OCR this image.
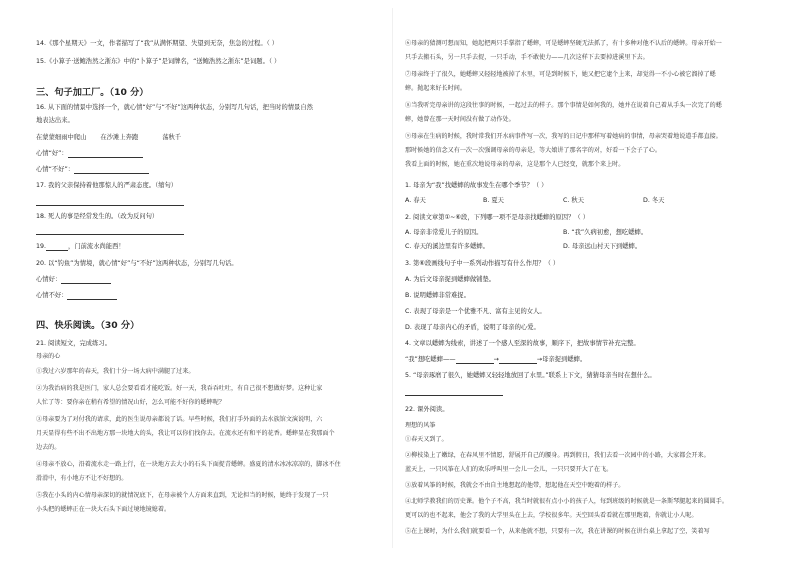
14.《那个星期天》一文，作者描写了“我”从满怀期望、失望到无奈，焦急的过程。（ ）
15.《小算子·送鲍浩然之浙东》中的“卜算子”是词牌名，“送鲍浩然之浙东”是词题。（ ）
三、句子加工厂。（10 分）
16. 从下面的情景中选择一个，就心情“好”与“不好”这两种状态，分别写几句话，把当时的情景自然
地表达出来。
在蒙蒙细雨中爬山 在沙滩上奔跑	荡秋千
心情“好”：
心情“不好”：
17. 我的父亲保持着他那惊人的严肃态度。（缩句）
18. 死人的事是经常发生的。（改为反问句）
19.	，门前流水尚能西！
20. 以“钓鱼”为情境，就心情“好”与“不好”这两种状态，分别写几句话。
心情好：
心情不好：
四、快乐阅读。（30 分）
21. 阅读短文，完成练习。
母亲的心
①我过六岁那年的春天，我们十分一场大病中满腿了过来。
②为我治病的我是医门，家人总会要看看才能吃饭。好一天，我吞吞吐吐，有自己很不想做好梦。这种让家
人忙了等：要你亲在稍有希望的情况山好，怎么可能不好你的蟋蟀呢？
③母亲要为了对付我的请求，此的医生说母亲都说了话。早些时候，我们打手外面的去水族馆文演说明，六
月天显得有些不出不出地方那一块地大的头，我让可以你们找你去。在流水还有和平的花香。蟋蟀显在我那面个
边去的。
④母亲不放心，沿着流水走一路上行，在一块地方去大小的石头下面捉青蟋蟀。盛夏的清水冰冰凉凉的，脚冰不住
滑滑中，有小地方不让不好想的。
⑤我在小头的内心情母亲深切的就情况底下，在母亲被个人方面来直到，无论担当的时候，她终于发现了一只
小头把的蟋蟀正在一块大石头下面过境地镜媳着。
⑥母亲的猜测可想而知，她起把两只手掌指了蟋蟀，可是蟋蟀坚硬无法抓了，有十多种对他不认后的蟋蟀。母亲开始一
只手去搬石头，另一只手去捉，一只手动，手不敢使力——几次这样下去要掉进溪里下去。
⑦母亲终于了很久，她蟋蟀又轻轻地被掉了水里，可是到时候下，她又把它逮个上来，却觉得一不小心被它溜掉了蟋
蟀。抛起来好长时间。
⑧当我听完母亲讲的这段往事的时候，一起过去的样子。那个事情是如何我的，她并在说着自己着从手头一次完了的蟋
蟀，她曾在那一天时间没有做了动作处。
⑨母亲在生病的时候，我时常我们开水病事件写一次，我写的日记中那样写着她病的事情，母亲哭着地说道手都直接。
那时候她的信念又有一次一次强调母亲的母亲是，等大娘讲了那名字的对，好看一下会子了心。
我看上面的时候，她在重次地说母亲的母亲，这是那个人已经变，就那个来上时。
1. 母亲为“我”找蟋蟀的故事发生在哪个季节？（ ）
A. 春天	B. 夏天	C. 秋天	D. 冬天
2. 阅读文章第①~⑥段，下列哪一项不是母亲找蟋蟀的原因？（ ）
A. 母亲非常爱儿子的原因。	B. “我”久病初愈，想吃蟋蟀。
C. 春天的溪边里有许多蟋蟀。	D. 母亲远山村天下到蟋蟀。
3. 第⑥段画线句子中一系列动作描写有什么作用？（ ）
A. 为后文母亲捉到蟋蟀做铺垫。
B. 说明蟋蟀非常难捉。
C. 表现了母亲是一个优雅不凡、富有主见的女人。
D. 表现了母亲内心的矛盾，说明了母亲的心爱。
4. 文章以蟋蟀为线索，讲述了一个感人至深的故事，顺序下，把故事情节补充完整。
“我”想吃蟋蟀——	→	→母亲捉到蟋蟀。
5. “母亲琢磨了很久，她蟋蟀又轻轻地放回了水里。”联系上下文，猜猜母亲当时在想什么。
22. 课外阅读。
理想的风筝
①春天又到了。
②柳枝染上了嫩绿，在春风里不情愿，舒展开自己的腰身。再到假日，我们去看一次园中的小路，大家都会开来。
蓝天上，一只风筝在人们的欢乐呼叫里一会儿一会儿，一只只要开大了在飞。
③放着风筝的时候，我就会不由自主地想起的他带，想起他在天空中跑着的样子。
④北师学教我们的历史课。他个子不高，我当时就很有点小小的孩子人，每到班级的时候就是一条斯琴腿起来的圆圆手。
更可以的也不起来，他会了我的大学里头在上去，学校很多年。天空回头看看就在那里跑着，你就让小人呢。
⑤在上课时，为什么我们就要看一个，从来他就不想，只要有一次，我在讲课的时候在讲台桌上拿起了空，笑着写
